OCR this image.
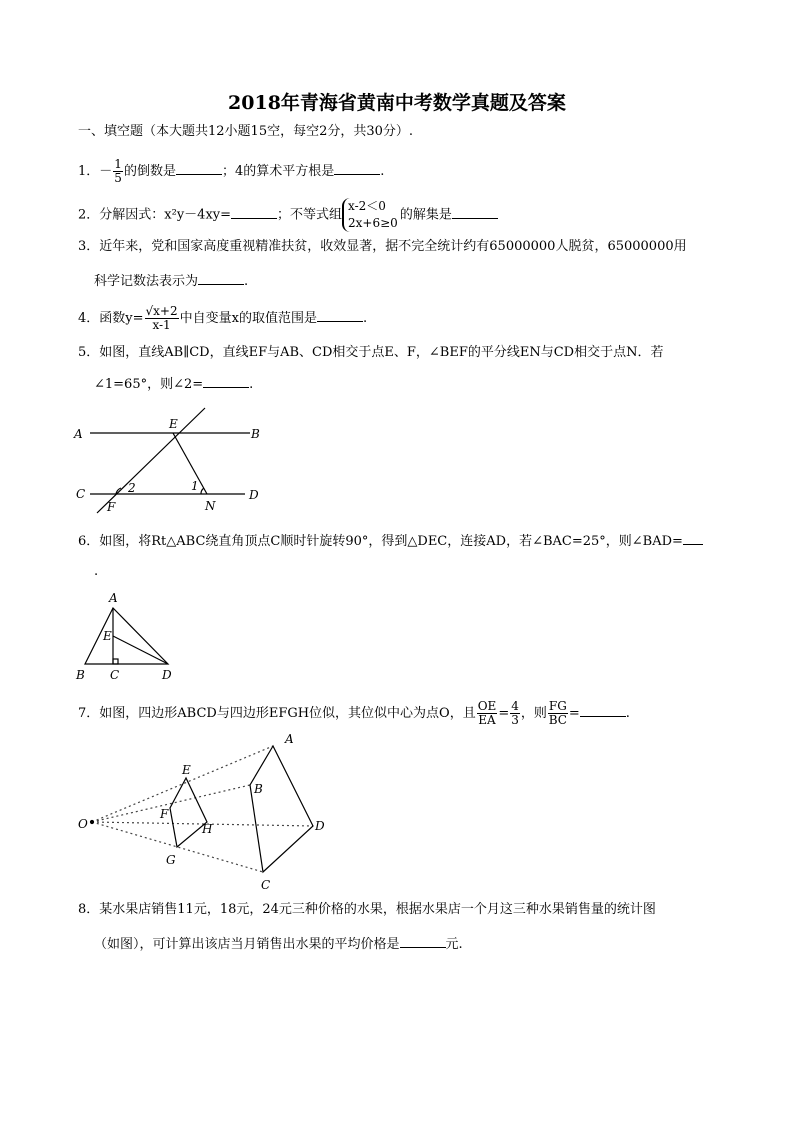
2018年青海省黄南中考数学真题及答案
一、填空题（本大题共12小题15空，每空2分，共30分）.
1．－ $\frac{1}{5}$ 的倒数是	；4的算术平方根是	.
2．分解因式：x²y－4xy=	；不等式组
x-2＜0
2x+6≥0
的解集是
3．近年来，党和国家高度重视精准扶贫，收效显著，据不完全统计约有65000000人脱贫，65000000用
科学记数法表示为	.
4．函数$y= \frac{√x+2}{x-1}$ 中自变量x的取值范围是	.
5．如图，直线AB∥CD，直线EF与AB、CD相交于点E、F，∠BEF的平分线EN与CD相交于点N．若
∠1=65°，则∠2=	.
6．如图，将Rt△ABC绕直角顶点C顺时针旋转90°，得到△DEC，连接AD，若∠BAC=25°，则∠BAD=
.
7．如图，四边形ABCD与四边形EFGH位似，其位似中心为点O，且 $\frac{OE}{EA} = \frac{4}{3}$ ，则 $\frac{FG}{BC}$ =	.
8．某水果店销售11元，18元，24元三种价格的水果，根据水果店一个月这三种水果销售量的统计图
（如图），可计算出该店当月销售出水果的平均价格是	元.
A	B
C	D
E
F	N
1
2
A
E
B C	D
O
A
B
D
C
E
F
H
G
